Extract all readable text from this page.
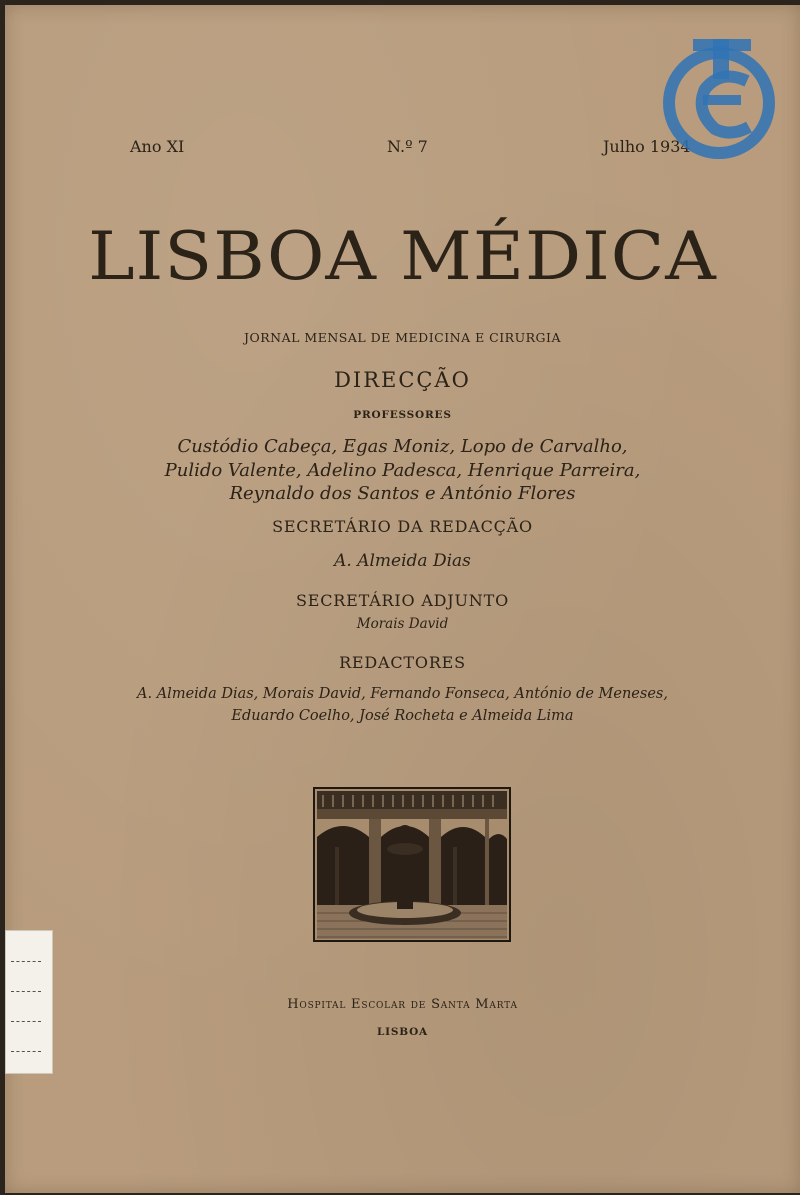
Ano XI	N.º 7	Julho 1934
LISBOA MÉDICA
JORNAL MENSAL DE MEDICINA E CIRURGIA
DIRECÇÃO
PROFESSORES
Custódio Cabeça, Egas Moniz, Lopo de Carvalho,
Pulido Valente, Adelino Padesca, Henrique Parreira,
Reynaldo dos Santos e António Flores
SECRETÁRIO DA REDACÇÃO
A. Almeida Dias
SECRETÁRIO ADJUNTO
Morais David
REDACTORES
A. Almeida Dias, Morais David, Fernando Fonseca, António de Meneses,
Eduardo Coelho, José Rocheta e Almeida Lima
Hospital Escolar de Santa Marta
LISBOA
